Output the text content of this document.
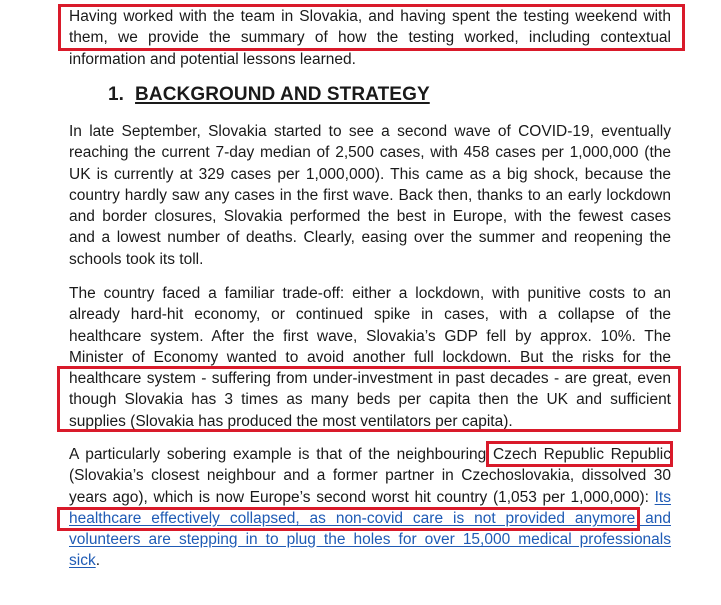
Having worked with the team in Slovakia, and having spent the testing weekend with
them, we provide the summary of how the testing worked, including contextual
information and potential lessons learned.
1. BACKGROUND AND STRATEGY
In late September, Slovakia started to see a second wave of COVID-19, eventually
reaching the current 7-day median of 2,500 cases, with 458 cases per 1,000,000 (the
UK is currently at 329 cases per 1,000,000). This came as a big shock, because the
country hardly saw any cases in the first wave. Back then, thanks to an early lockdown
and border closures, Slovakia performed the best in Europe, with the fewest cases
and a lowest number of deaths. Clearly, easing over the summer and reopening the
schools took its toll.
The country faced a familiar trade-off: either a lockdown, with punitive costs to an
already hard-hit economy, or continued spike in cases, with a collapse of the
healthcare system. After the first wave, Slovakia’s GDP fell by approx. 10%. The
Minister of Economy wanted to avoid another full lockdown. But the risks for the
healthcare system - suffering from under-investment in past decades - are great, even
though Slovakia has 3 times as many beds per capita then the UK and sufficient
supplies (Slovakia has produced the most ventilators per capita).
A particularly sobering example is that of the neighbouring Czech Republic Republic
(Slovakia’s closest neighbour and a former partner in Czechoslovakia, dissolved 30
years ago), which is now Europe’s second worst hit country (1,053 per 1,000,000): Its
healthcare effectively collapsed, as non-covid care is not provided anymore and
volunteers are stepping in to plug the holes for over 15,000 medical professionals
sick.
